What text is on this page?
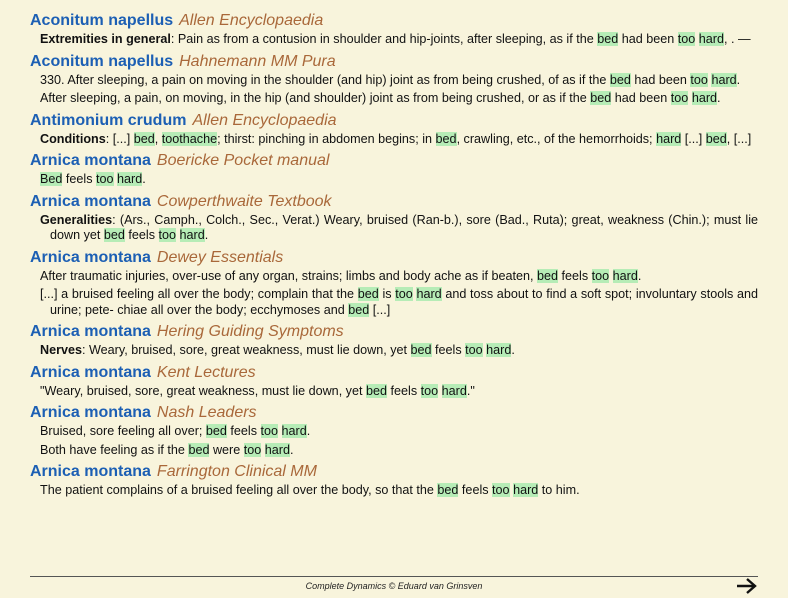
Aconitum napellus Allen Encyclopaedia
Extremities in general: Pain as from a contusion in shoulder and hip-joints, after sleeping, as if the bed had been too hard, . —
Aconitum napellus Hahnemann MM Pura
330. After sleeping, a pain on moving in the shoulder (and hip) joint as from being crushed, of as if the bed had been too hard.
After sleeping, a pain, on moving, in the hip (and shoulder) joint as from being crushed, or as if the bed had been too hard.
Antimonium crudum Allen Encyclopaedia
Conditions: [...] bed, toothache; thirst: pinching in abdomen begins; in bed, crawling, etc., of the hemorrhoids; hard [...] bed, [...]
Arnica montana Boericke Pocket manual
Bed feels too hard.
Arnica montana Cowperthwaite Textbook
Generalities: (Ars., Camph., Colch., Sec., Verat.) Weary, bruised (Ran-b.), sore (Bad., Ruta); great, weakness (Chin.); must lie down yet bed feels too hard.
Arnica montana Dewey Essentials
After traumatic injuries, over-use of any organ, strains; limbs and body ache as if beaten, bed feels too hard.
[...] a bruised feeling all over the body; complain that the bed is too hard and toss about to find a soft spot; involuntary stools and urine; pete- chiae all over the body; ecchymoses and bed [...]
Arnica montana Hering Guiding Symptoms
Nerves: Weary, bruised, sore, great weakness, must lie down, yet bed feels too hard.
Arnica montana Kent Lectures
"Weary, bruised, sore, great weakness, must lie down, yet bed feels too hard."
Arnica montana Nash Leaders
Bruised, sore feeling all over; bed feels too hard.
Both have feeling as if the bed were too hard.
Arnica montana Farrington Clinical MM
The patient complains of a bruised feeling all over the body, so that the bed feels too hard to him.
Complete Dynamics © Eduard van Grinsven
